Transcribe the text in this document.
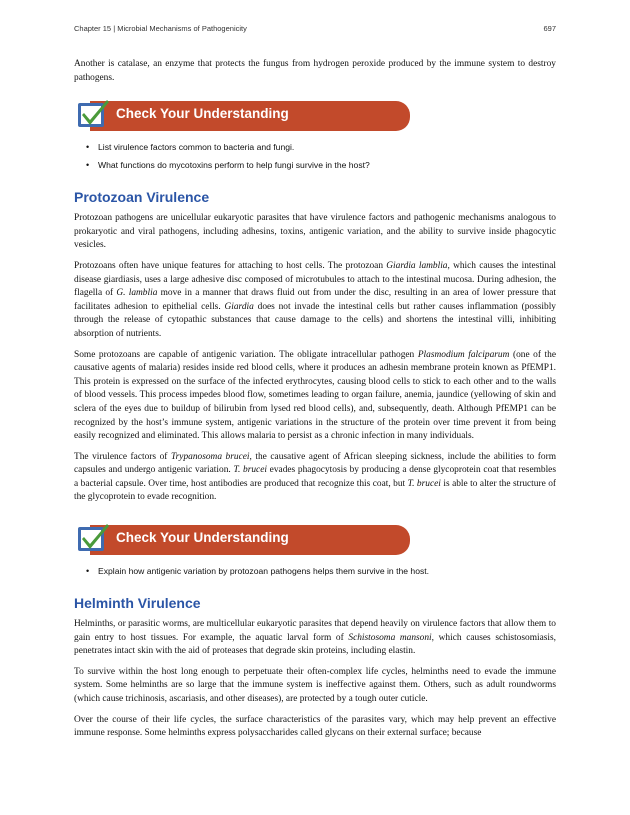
Chapter 15 | Microbial Mechanisms of Pathogenicity	697

Another is catalase, an enzyme that protects the fungus from hydrogen peroxide produced by the immune system to destroy pathogens.

Check Your Understanding
• List virulence factors common to bacteria and fungi.
• What functions do mycotoxins perform to help fungi survive in the host?
Protozoan Virulence

Protozoan pathogens are unicellular eukaryotic parasites that have virulence factors and pathogenic mechanisms analogous to prokaryotic and viral pathogens, including adhesins, toxins, antigenic variation, and the ability to survive inside phagocytic vesicles.

Protozoans often have unique features for attaching to host cells. The protozoan Giardia lamblia, which causes the intestinal disease giardiasis, uses a large adhesive disc composed of microtubules to attach to the intestinal mucosa. During adhesion, the flagella of G. lamblia move in a manner that draws fluid out from under the disc, resulting in an area of lower pressure that facilitates adhesion to epithelial cells. Giardia does not invade the intestinal cells but rather causes inflammation (possibly through the release of cytopathic substances that cause damage to the cells) and shortens the intestinal villi, inhibiting absorption of nutrients.

Some protozoans are capable of antigenic variation. The obligate intracellular pathogen Plasmodium falciparum (one of the causative agents of malaria) resides inside red blood cells, where it produces an adhesin membrane protein known as PfEMP1. This protein is expressed on the surface of the infected erythrocytes, causing blood cells to stick to each other and to the walls of blood vessels. This process impedes blood flow, sometimes leading to organ failure, anemia, jaundice (yellowing of skin and sclera of the eyes due to buildup of bilirubin from lysed red blood cells), and, subsequently, death. Although PfEMP1 can be recognized by the host’s immune system, antigenic variations in the structure of the protein over time prevent it from being easily recognized and eliminated. This allows malaria to persist as a chronic infection in many individuals.

The virulence factors of Trypanosoma brucei, the causative agent of African sleeping sickness, include the abilities to form capsules and undergo antigenic variation. T. brucei evades phagocytosis by producing a dense glycoprotein coat that resembles a bacterial capsule. Over time, host antibodies are produced that recognize this coat, but T. brucei is able to alter the structure of the glycoprotein to evade recognition.

Check Your Understanding
• Explain how antigenic variation by protozoan pathogens helps them survive in the host.
Helminth Virulence

Helminths, or parasitic worms, are multicellular eukaryotic parasites that depend heavily on virulence factors that allow them to gain entry to host tissues. For example, the aquatic larval form of Schistosoma mansoni, which causes schistosomiasis, penetrates intact skin with the aid of proteases that degrade skin proteins, including elastin.

To survive within the host long enough to perpetuate their often-complex life cycles, helminths need to evade the immune system. Some helminths are so large that the immune system is ineffective against them. Others, such as adult roundworms (which cause trichinosis, ascariasis, and other diseases), are protected by a tough outer cuticle.

Over the course of their life cycles, the surface characteristics of the parasites vary, which may help prevent an effective immune response. Some helminths express polysaccharides called glycans on their external surface; because
